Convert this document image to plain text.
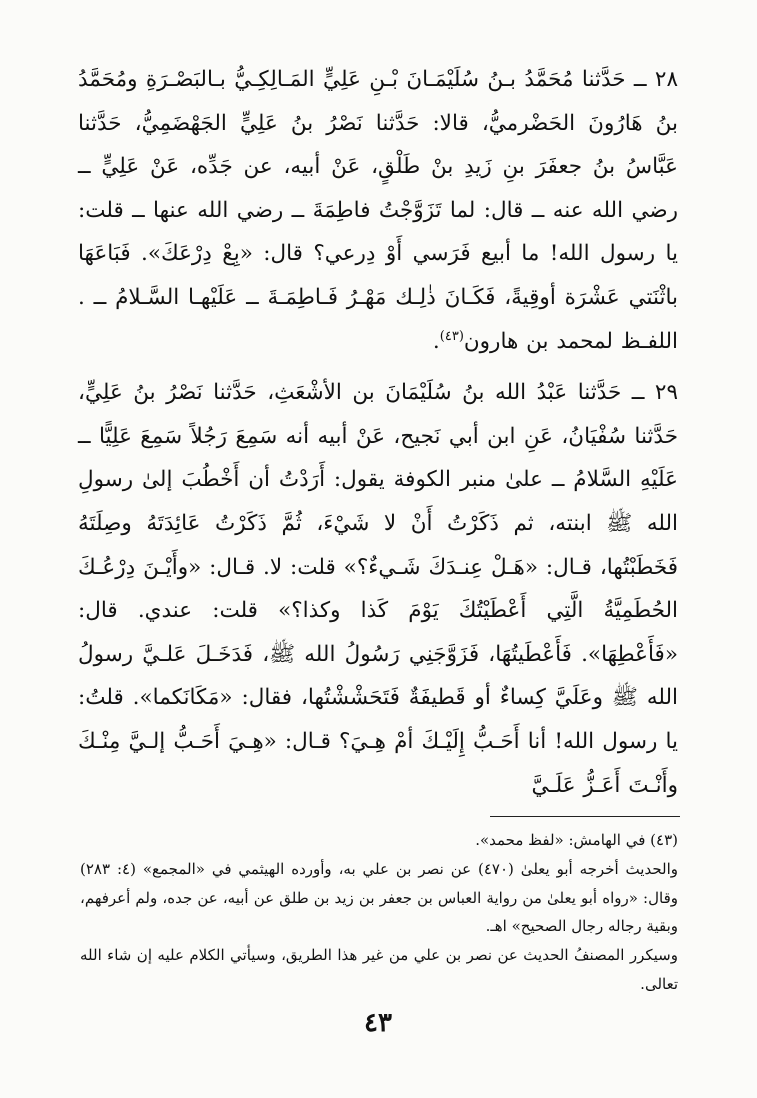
٢٨ ــ حَدَّثنا مُحَمَّدُ بـنُ سُلَيْمَـانَ بْـنِ عَلِيٍّ المَـالِكِـيُّ بـالبَصْـرَةِ ومُحَمَّدُ بنُ هَارُونَ الحَضْرميُّ، قالا: حَدَّثنا نَصْرُ بنُ عَلِيٍّ الجَهْضَمِيُّ، حَدَّثنا عَبَّاسُ بنُ جعفَرَ بنِ زَيدِ بنْ طَلْقٍ، عَنْ أبيه، عن جَدِّه، عَنْ عَلِيٍّ ــ رضي الله عنه ــ قال: لما تَزَوَّجْتُ فاطِمَةَ ــ رضي الله عنها ــ قلت: يا رسول الله! ما أبيع فَرَسي أَوْ دِرعي؟ قال: «بِعْ دِرْعَكَ». فَبَاعَهَا باثْنَتي عَشْرَة أوقِيةً، فَكَـانَ ذٰلِـك مَهْـرُ فَـاطِمَـةَ ــ عَلَيْهـا السَّـلامُ ــ . اللفـظ لمحمد بن هارون$^{(٤٣)}$.

٢٩ ــ حَدَّثنا عَبْدُ الله بنُ سُلَيْمَانَ بن الأشْعَثِ، حَدَّثنا نَصْرُ بنُ عَلِيٍّ، حَدَّثنا سُفْيَانُ، عَنِ ابن أبي نَجيح، عَنْ أبيه أنه سَمِعَ رَجُلاً سَمِعَ عَلِيًّا ــ عَلَيْهِ السَّلامُ ــ علىٰ منبر الكوفة يقول: أَرَدْتُ أن أَخْطُبَ إلىٰ رسولِ الله ﷺ ابنته، ثم ذَكَرْتُ أَنْ لا شَيْءَ، ثُمَّ ذَكَرْتُ عَائِدَتَهُ وصِلَتَهُ فَخَطَبْتُها، قـال: «هَـلْ عِنـدَكَ شَـيءٌ؟» قلت: لا. قـال: «وأَيْـنَ دِرْعُـكَ الحُطَمِيَّةُ الَّتِي أَعْطَيْتُكَ يَوْمَ كَذا وكذا؟» قلت: عندي. قال: «فَأَعْطِهَا». فَأَعْطَيتُهَا، فَزَوَّجَنِي رَسُولُ الله ﷺ، فَدَخَـلَ عَلـيَّ رسولُ الله ﷺ وعَلَيَّ كِساءٌ أو قَطيفَةٌ فَتَحَشْشْتُها، فقال: «مَكَانَكما». قلتُ: يا رسول الله! أنا أَحَـبُّ إِلَيْـكَ أمْ هِـيَ؟ قـال: «هِـيَ أَحَـبُّ إلـيَّ مِنْـكَ وأَنْـتَ أَعَـزُّ عَلَـيَّ

(٤٣) في الهامش: «لفظ محمد».

والحديث أخرجه أبو يعلىٰ (٤٧٠) عن نصر بن علي به، وأورده الهيثمي في «المجمع» (٤: ٢٨٣) وقال: «رواه أبو يعلىٰ من رواية العباس بن جعفر بن زيد بن طلق عن أبيه، عن جده، ولم أعرفهم، وبقية رجاله رجال الصحيح» اهـ.

وسيكرر المصنفُ الحديث عن نصر بن علي من غير هذا الطريق، وسيأتي الكلام عليه إن شاء الله تعالى.

٤٣
